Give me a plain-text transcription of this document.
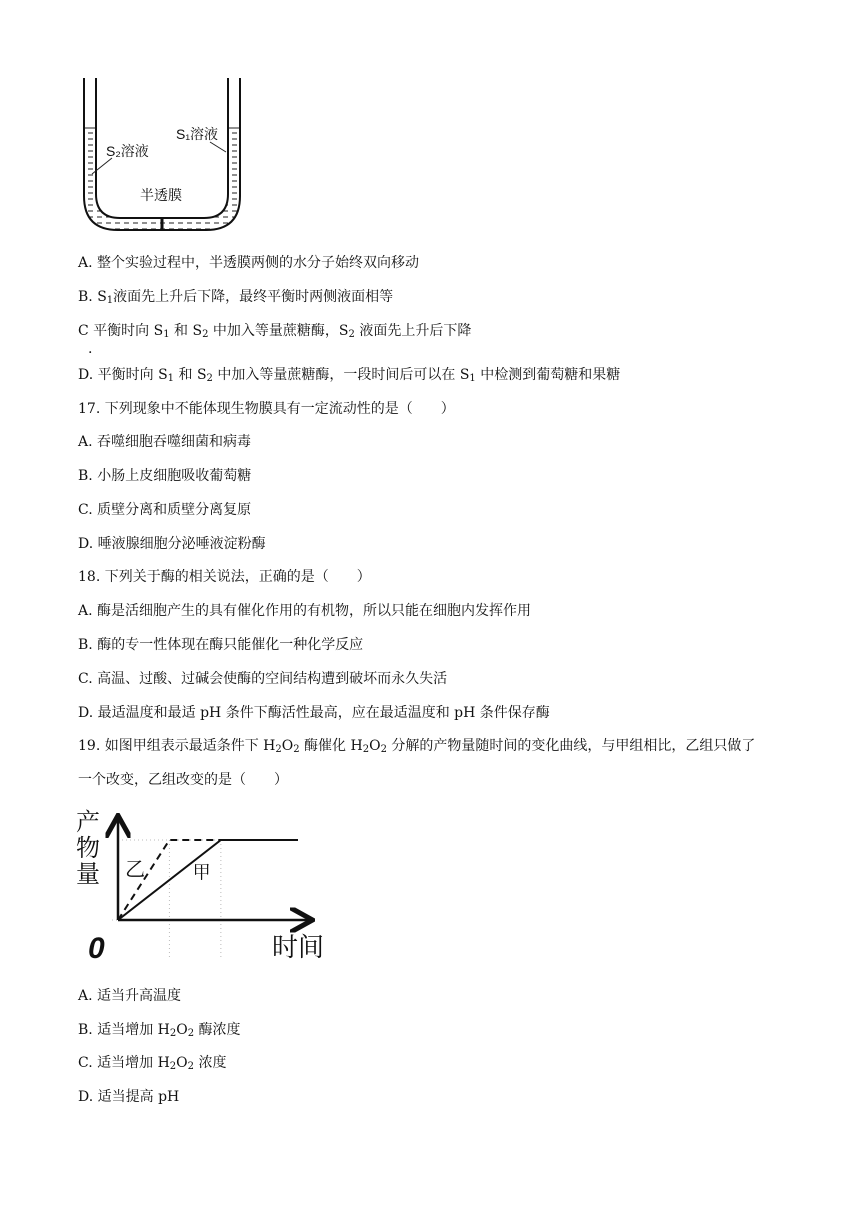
S₂溶液
S₁溶液
半透膜
A. 整个实验过程中，半透膜两侧的水分子始终双向移动
B. $S_1$液面先上升后下降，最终平衡时两侧液面相等
C 平衡时向 $S_1$ 和 $S_2$ 中加入等量蔗糖酶，$S_2$ 液面先上升后下降
.
D. 平衡时向 $S_1$ 和 $S_2$ 中加入等量蔗糖酶，一段时间后可以在 $S_1$ 中检测到葡萄糖和果糖
17. 下列现象中不能体现生物膜具有一定流动性的是（　　）
A. 吞噬细胞吞噬细菌和病毒
B. 小肠上皮细胞吸收葡萄糖
C. 质壁分离和质壁分离复原
D. 唾液腺细胞分泌唾液淀粉酶
18. 下列关于酶的相关说法，正确的是（　　）
A. 酶是活细胞产生的具有催化作用的有机物，所以只能在细胞内发挥作用
B. 酶的专一性体现在酶只能催化一种化学反应
C. 高温、过酸、过碱会使酶的空间结构遭到破坏而永久失活
D. 最适温度和最适 pH 条件下酶活性最高，应在最适温度和 pH 条件保存酶
19. 如图甲组表示最适条件下 $H_2O_2$ 酶催化 $H_2O_2$ 分解的产物量随时间的变化曲线，与甲组相比，乙组只做了
一个改变，乙组改变的是（　　）
乙	甲
产
物
量
时间
0
A. 适当升高温度
B. 适当增加 $H_2O_2$ 酶浓度
C. 适当增加 $H_2O_2$ 浓度
D. 适当提高 pH
